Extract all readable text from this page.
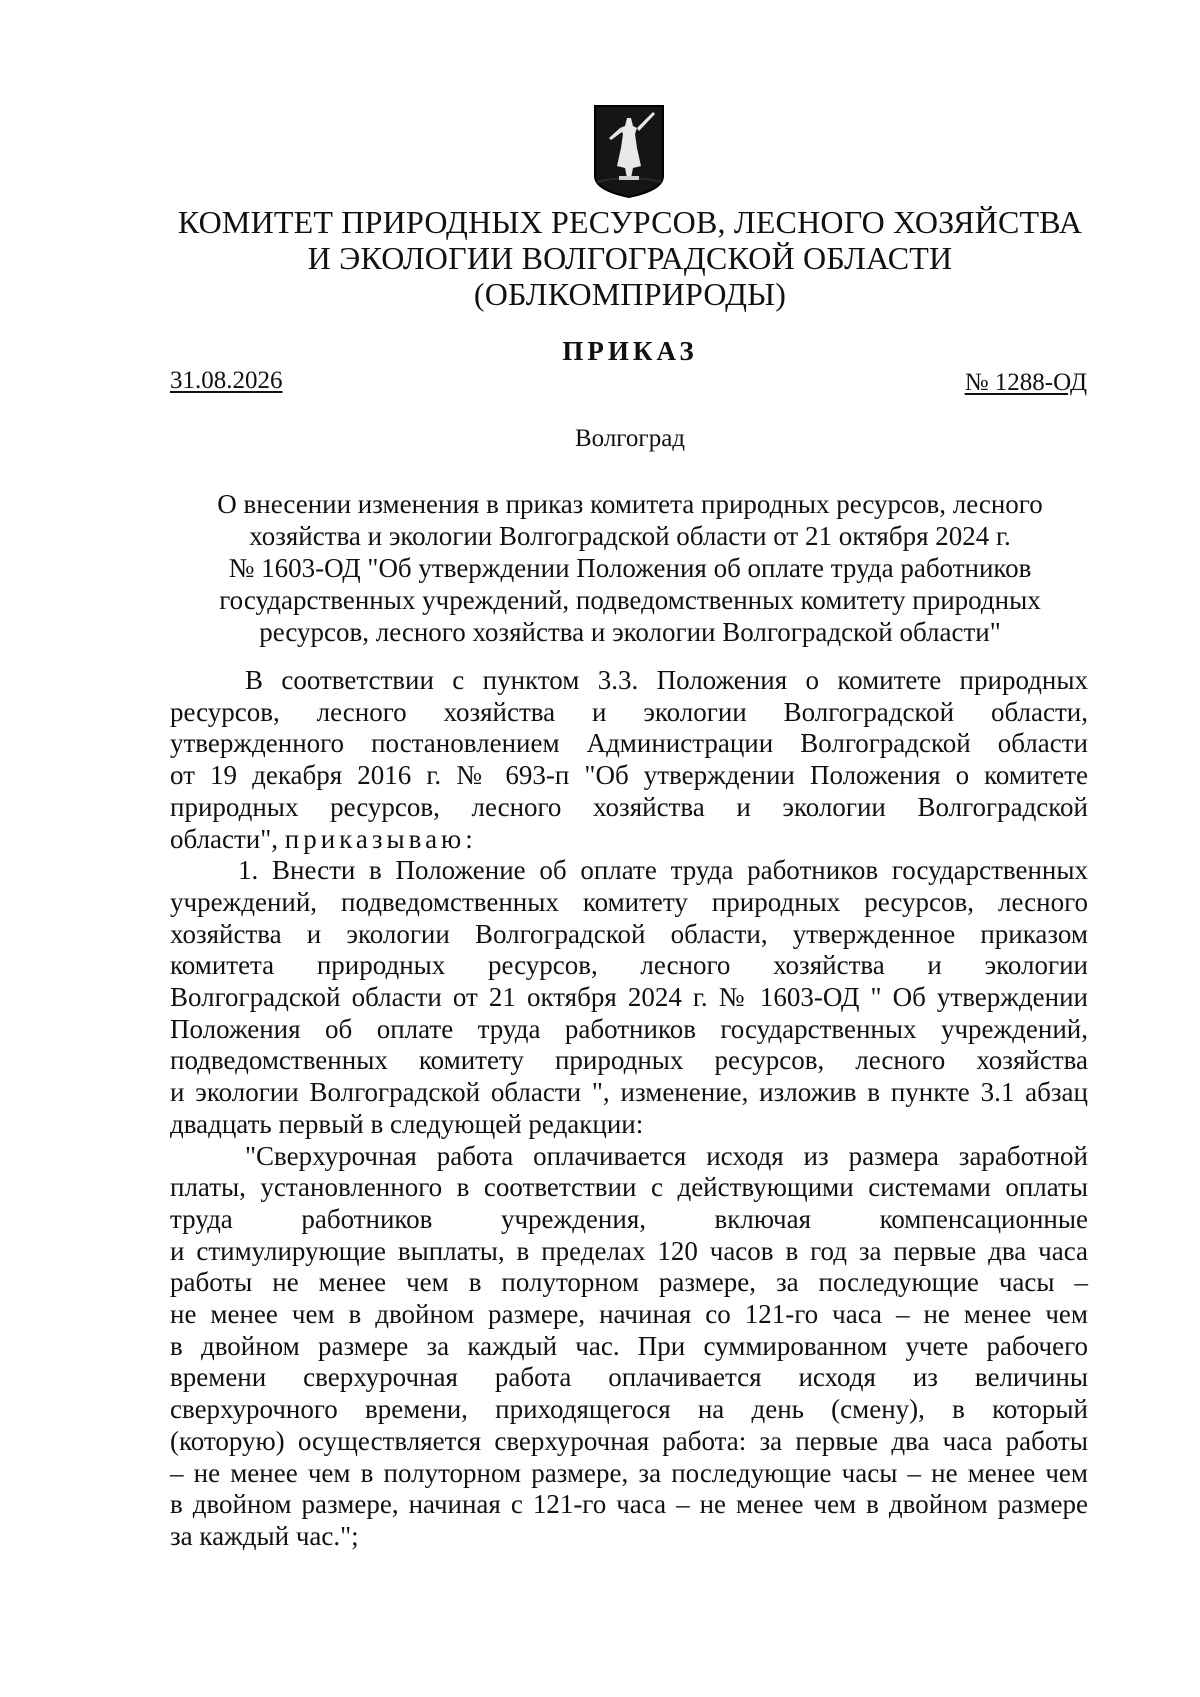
КОМИТЕТ ПРИРОДНЫХ РЕСУРСОВ, ЛЕСНОГО ХОЗЯЙСТВА
И ЭКОЛОГИИ ВОЛГОГРАДСКОЙ ОБЛАСТИ
(ОБЛКОМПРИРОДЫ)
ПРИКАЗ
31.08.2026	№ 1288-ОД
Волгоград
О внесении изменения в приказ комитета природных ресурсов, лесного
хозяйства и экологии Волгоградской области от 21 октября 2024 г.
№ 1603-ОД "Об утверждении Положения об оплате труда работников
государственных учреждений, подведомственных комитету природных
ресурсов, лесного хозяйства и экологии Волгоградской области"
В соответствии с пунктом 3.3. Положения о комитете природных
ресурсов, лесного хозяйства и экологии Волгоградской области,
утвержденного постановлением Администрации Волгоградской области
от 19 декабря 2016 г. № 693-п "Об утверждении Положения о комитете
природных ресурсов, лесного хозяйства и экологии Волгоградской
области", приказываю:
1. Внести в Положение об оплате труда работников государственных
учреждений, подведомственных комитету природных ресурсов, лесного
хозяйства и экологии Волгоградской области, утвержденное приказом
комитета природных ресурсов, лесного хозяйства и экологии
Волгоградской области от 21 октября 2024 г. № 1603-ОД " Об утверждении
Положения об оплате труда работников государственных учреждений,
подведомственных комитету природных ресурсов, лесного хозяйства
и экологии Волгоградской области ", изменение, изложив в пункте 3.1 абзац
двадцать первый в следующей редакции:
"Сверхурочная работа оплачивается исходя из размера заработной
платы, установленного в соответствии с действующими системами оплаты
труда работников учреждения, включая компенсационные
и стимулирующие выплаты, в пределах 120 часов в год за первые два часа
работы не менее чем в полуторном размере, за последующие часы –
не менее чем в двойном размере, начиная со 121-го часа – не менее чем
в двойном размере за каждый час. При суммированном учете рабочего
времени сверхурочная работа оплачивается исходя из величины
сверхурочного времени, приходящегося на день (смену), в который
(которую) осуществляется сверхурочная работа: за первые два часа работы
– не менее чем в полуторном размере, за последующие часы – не менее чем
в двойном размере, начиная с 121-го часа – не менее чем в двойном размере
за каждый час.";
